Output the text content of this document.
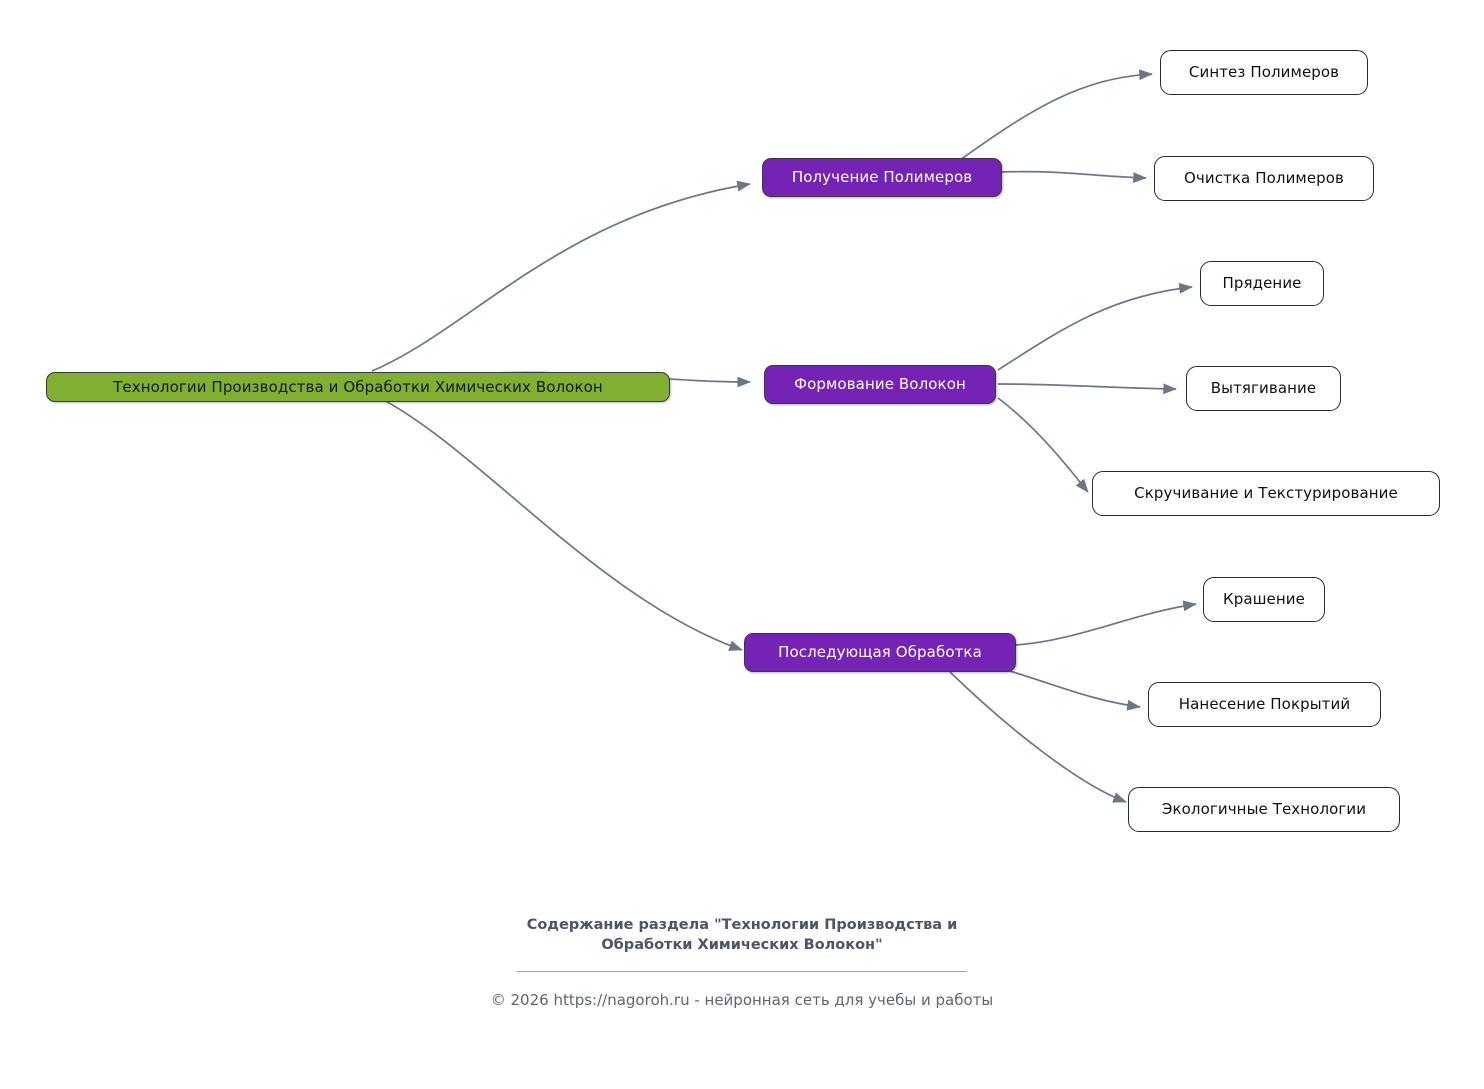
Технологии Производства и Обработки Химических Волокон
Получение Полимеров
Формование Волокон
Последующая Обработка
Синтез Полимеров
Очистка Полимеров
Прядение
Вытягивание
Скручивание и Текстурирование
Крашение
Нанесение Покрытий
Экологичные Технологии
Содержание раздела "Технологии Производства и
Обработки Химических Волокон"
© 2026 https://nagoroh.ru - нейронная сеть для учебы и работы
